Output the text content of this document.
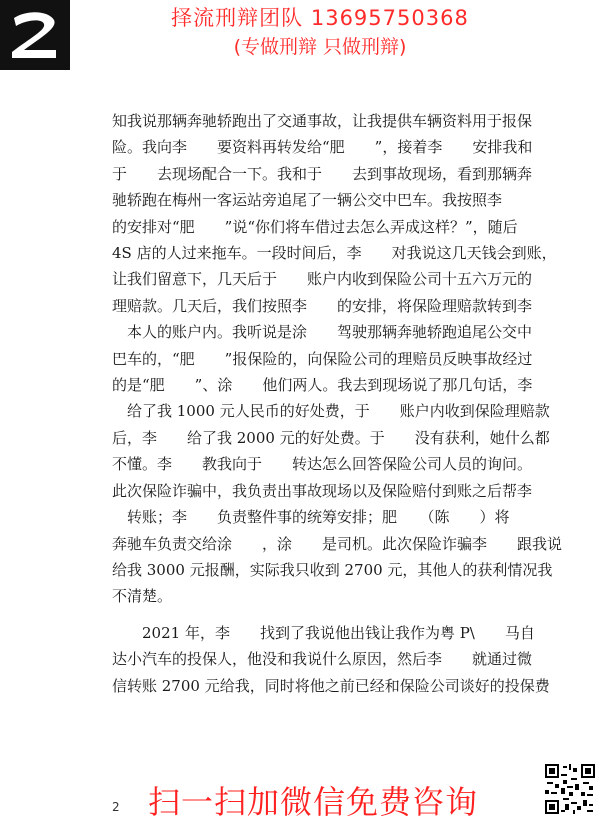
择流刑辩团队 13695750368
(专做刑辩 只做刑辩)

知我说那辆奔驰轿跑出了交通事故，让我提供车辆资料用于报保
险。我向李　　要资料再转发给“肥　　”，接着李　　安排我和
于　　去现场配合一下。我和于　　去到事故现场，看到那辆奔
驰轿跑在梅州一客运站旁追尾了一辆公交中巴车。我按照李
的安排对“肥　　”说“你们将车借过去怎么弄成这样？”，随后
4S 店的人过来拖车。一段时间后，李　　对我说这几天钱会到账，
让我们留意下，几天后于　　账户内收到保险公司十五六万元的
理赔款。几天后，我们按照李　　的安排，将保险理赔款转到李
　本人的账户内。我听说是涂　　驾驶那辆奔驰轿跑追尾公交中
巴车的，“肥　　”报保险的，向保险公司的理赔员反映事故经过
的是“肥　　”、涂　　他们两人。我去到现场说了那几句话，李
　给了我 1000 元人民币的好处费，于　　账户内收到保险理赔款
后，李　　给了我 2000 元的好处费。于　　没有获利，她什么都
不懂。李　　教我向于　　转达怎么回答保险公司人员的询问。
此次保险诈骗中，我负责出事故现场以及保险赔付到账之后帮李
　转账；李　　负责整件事的统筹安排；肥　　（陈　　）将
奔驰车负责交给涂　　，涂　　是司机。此次保险诈骗李　　跟我说
给我 3000 元报酬，实际我只收到 2700 元，其他人的获利情况我
不清楚。

　　2021 年，李　　找到了我说他出钱让我作为粤 P\　　马自
达小汽车的投保人，他没和我说什么原因，然后李　　就通过微
信转账 2700 元给我，同时将他之前已经和保险公司谈好的投保费

2 扫一扫加微信免费咨询
